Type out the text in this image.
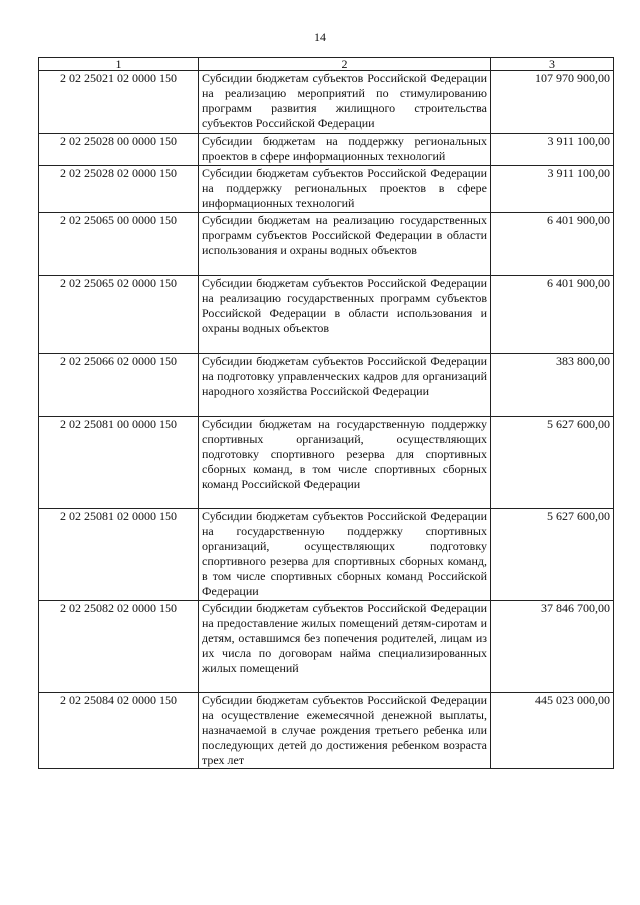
14
1	2	3
2 02 25021 02 0000 150	Субсидии бюджетам субъектов Российской Федерации на реализацию мероприятий по стимулированию программ развития жилищного строительства субъектов Российской Федерации	107 970 900,00
2 02 25028 00 0000 150	Субсидии бюджетам на поддержку региональных проектов в сфере информационных технологий	3 911 100,00
2 02 25028 02 0000 150	Субсидии бюджетам субъектов Российской Федерации на поддержку региональных проектов в сфере информационных технологий	3 911 100,00
2 02 25065 00 0000 150	Субсидии бюджетам на реализацию государственных программ субъектов Российской Федерации в области использования и охраны водных объектов	6 401 900,00
2 02 25065 02 0000 150	Субсидии бюджетам субъектов Российской Федерации на реализацию государственных программ субъектов Российской Федерации в области использования и охраны водных объектов	6 401 900,00
2 02 25066 02 0000 150	Субсидии бюджетам субъектов Российской Федерации на подготовку управленческих кадров для организаций народного хозяйства Российской Федерации	383 800,00
2 02 25081 00 0000 150	Субсидии бюджетам на государственную поддержку спортивных организаций, осуществляющих подготовку спортивного резерва для спортивных сборных команд, в том числе спортивных сборных команд Российской Федерации	5 627 600,00
2 02 25081 02 0000 150	Субсидии бюджетам субъектов Российской Федерации на государственную поддержку спортивных организаций, осуществляющих подготовку спортивного резерва для спортивных сборных команд, в том числе спортивных сборных команд Российской Федерации	5 627 600,00
2 02 25082 02 0000 150	Субсидии бюджетам субъектов Российской Федерации на предоставление жилых помещений детям-сиротам и детям, оставшимся без попечения родителей, лицам из их числа по договорам найма специализированных жилых помещений	37 846 700,00
2 02 25084 02 0000 150	Субсидии бюджетам субъектов Российской Федерации на осуществление ежемесячной денежной выплаты, назначаемой в случае рождения третьего ребенка или последующих детей до достижения ребенком возраста трех лет	445 023 000,00
